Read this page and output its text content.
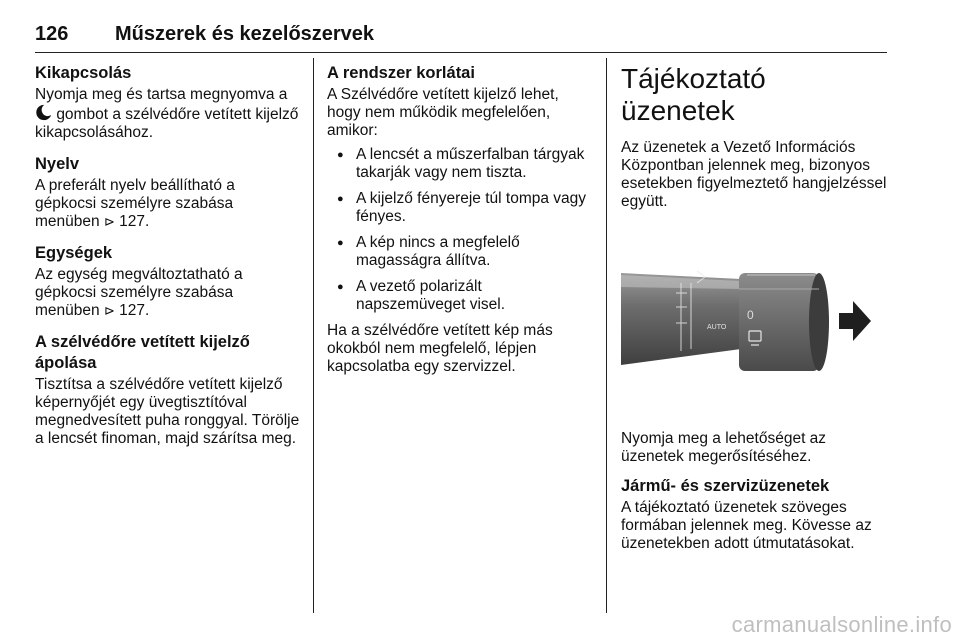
126 Műszerek és kezelőszervek
Kikapcsolás

Nyomja meg és tartsa megnyomva a
gombot a szélvédőre vetített kijelző kikapcsolásához.

Nyelv

A preferált nyelv beállítható a gépkocsi személyre szabása menüben ⊳ 127.

Egységek

Az egység megváltoztatható a gépkocsi személyre szabása menüben ⊳ 127.

A szélvédőre vetített kijelző ápolása

Tisztítsa a szélvédőre vetített kijelző képernyőjét egy üvegtisztítóval megnedvesített puha ronggyal. Törölje a lencsét finoman, majd szárítsa meg.

A rendszer korlátai

A Szélvédőre vetített kijelző lehet, hogy nem működik megfelelően, amikor:

● A lencsét a műszerfalban tárgyak takarják vagy nem tiszta.
● A kijelző fényereje túl tompa vagy fényes.
● A kép nincs a megfelelő magasságra állítva.
● A vezető polarizált napszemüveget visel.

Ha a szélvédőre vetített kép más okokból nem megfelelő, lépjen kapcsolatba egy szervizzel.

Tájékoztató üzenetek

Az üzenetek a Vezető Információs Központban jelennek meg, bizonyos esetekben figyelmeztető hangjelzéssel együtt.

AUTO
0

Nyomja meg a lehetőséget az üzenetek megerősítéséhez.

Jármű- és szervizüzenetek

A tájékoztató üzenetek szöveges formában jelennek meg. Kövesse az üzenetekben adott útmutatásokat.

carmanualsonline.info
